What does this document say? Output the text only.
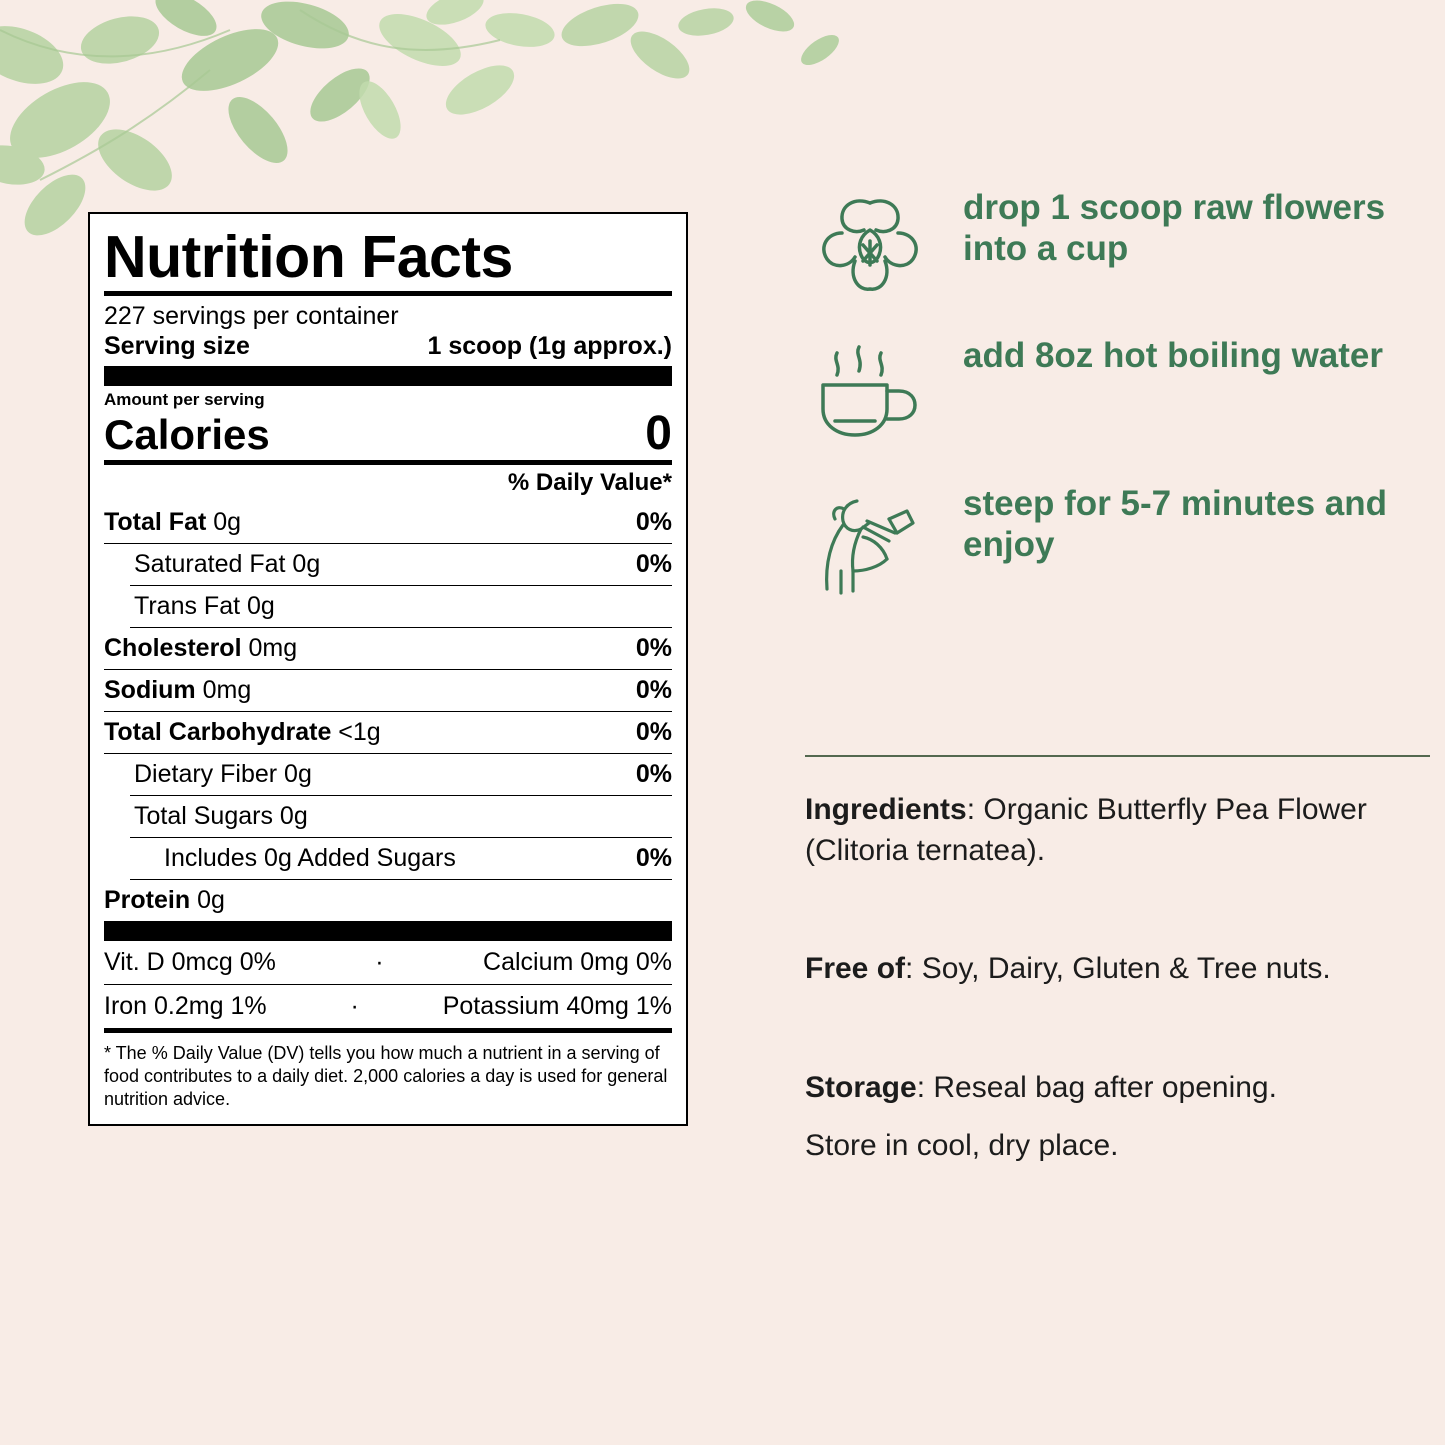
Nutrition Facts
227 servings per container
Serving size	1 scoop (1g approx.)
Amount per serving
Calories	0
% Daily Value*
Total Fat 0g	0%
Saturated Fat 0g	0%
Trans Fat 0g
Cholesterol 0mg	0%
Sodium 0mg	0%
Total Carbohydrate <1g	0%
Dietary Fiber 0g	0%
Total Sugars 0g
Includes 0g Added Sugars	0%
Protein 0g
Vit. D 0mcg 0%	·	Calcium 0mg 0%
Iron 0.2mg 1%	·	Potassium 40mg 1%
* The % Daily Value (DV) tells you how much a nutrient in a serving of food contributes to a daily diet. 2,000 calories a day is used for general nutrition advice.
drop 1 scoop raw flowers into a cup
add 8oz hot boiling water
steep for 5-7 minutes and enjoy

Ingredients: Organic Butterfly Pea Flower (Clitoria ternatea).

Free of: Soy, Dairy, Gluten & Tree nuts.

Storage: Reseal bag after opening.

Store in cool, dry place.
